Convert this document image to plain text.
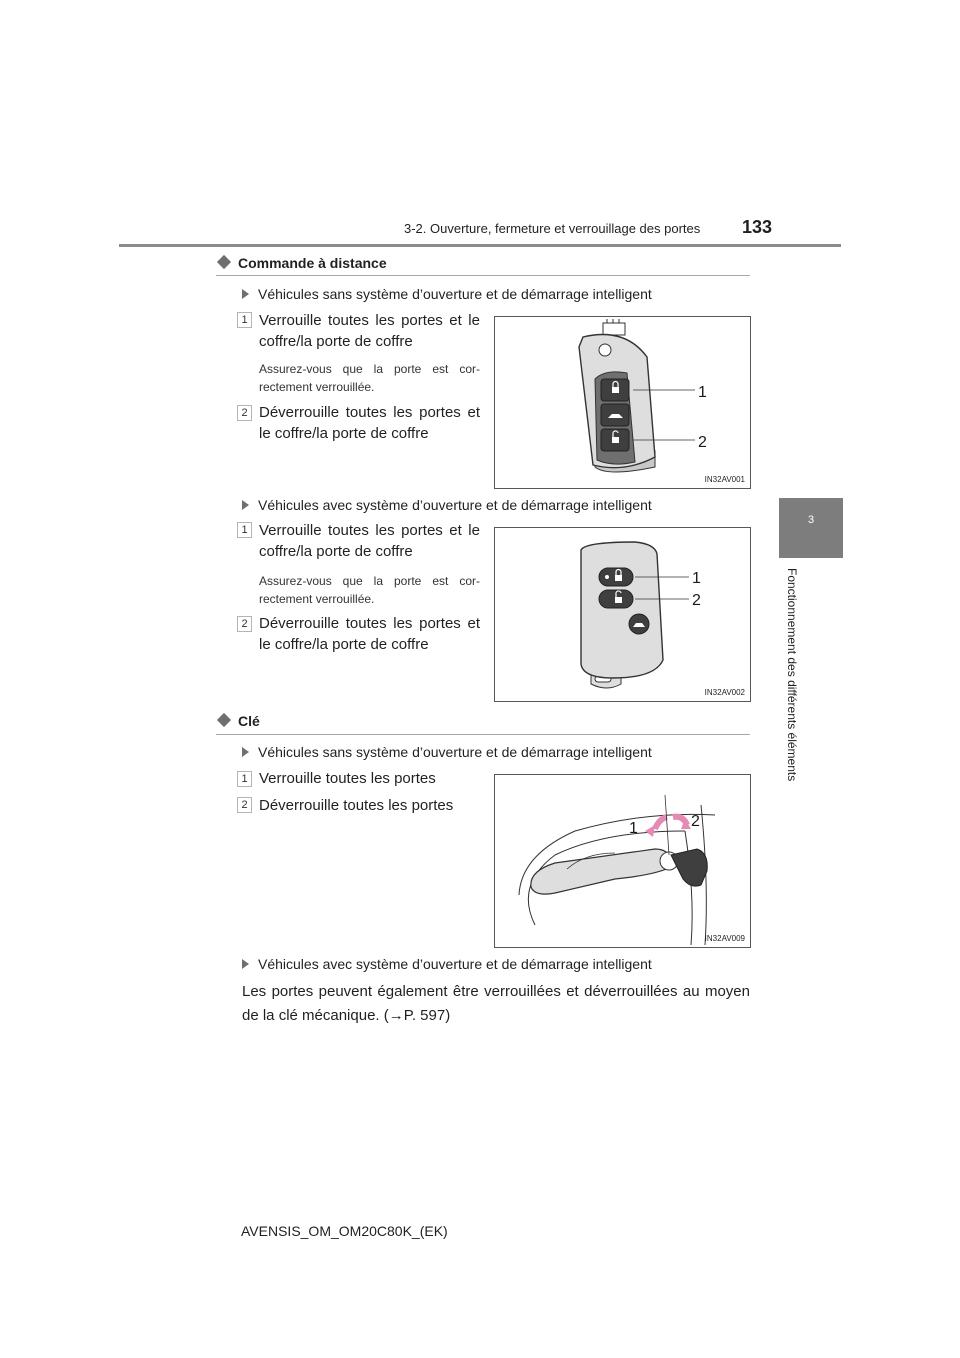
3-2. Ouverture, fermeture et verrouillage des portes 133
3
Fonctionnement des différents éléments
Commande à distance
Véhicules sans système d’ouverture et de démarrage intelligent
1 Verrouille toutes les portes et le coffre/la porte de coffre
Assurez-vous que la porte est cor- rectement verrouillée.
2 Déverrouille toutes les portes et le coffre/la porte de coffre
1
2
IN32AV001
Véhicules avec système d’ouverture et de démarrage intelligent
1 Verrouille toutes les portes et le coffre/la porte de coffre
Assurez-vous que la porte est cor- rectement verrouillée.
2 Déverrouille toutes les portes et le coffre/la porte de coffre
1
2
IN32AV002
Clé
Véhicules sans système d’ouverture et de démarrage intelligent
1 Verrouille toutes les portes
2 Déverrouille toutes les portes
1	2
IN32AV009
Véhicules avec système d’ouverture et de démarrage intelligent
Les portes peuvent également être verrouillées et déverrouillées au moyen de la clé mécanique. (→P. 597)
AVENSIS_OM_OM20C80K_(EK)
